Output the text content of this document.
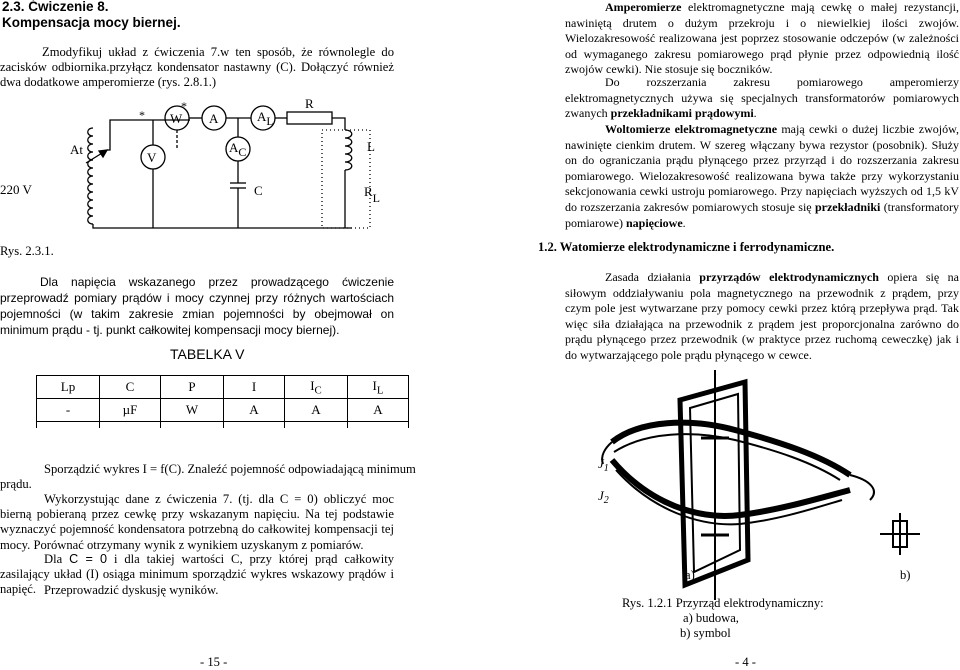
2.3. Ćwiczenie 8.
Kompensacja mocy biernej.
Zmodyfikuj układ z ćwiczenia 7.w ten sposób, że równolegle do zacisków odbiornika.przyłącz kondensator nastawny (C). Dołączyć również dwa dodatkowe amperomierze (rys. 2.8.1.)
At
220 V
*
*
W A	AL
V
AC
C
R
L
RL
Rys. 2.3.1.
Dla napięcia wskazanego przez prowadzącego ćwiczenie przeprowadź pomiary prądów i mocy czynnej przy różnych wartościach pojemności (w takim zakresie zmian pojemności by obejmował on minimum prądu - tj. punkt całkowitej kompensacji mocy biernej).
TABELKA V
Lp	C	P	I	$I_C$	$I_L$
-	µF	W	A	A	A

Sporządzić wykres I = f(C). Znaleźć pojemność odpowiadającą minimum
prądu.
Wykorzystując dane z ćwiczenia 7. (tj. dla C = 0) obliczyć moc bierną pobieraną przez cewkę przy wskazanym napięciu. Na tej podstawie wyznaczyć pojemność kondensatora potrzebną do całkowitej kompensacji tej mocy. Porównać otrzymany wynik z wynikiem uzyskanym z pomiarów.
Dla C = 0 i dla takiej wartości C, przy której prąd całkowity zasilający układ (I) osiąga minimum sporządzić wykres wskazowy prądów i napięć. Przeprowadzić dyskusję wyników.
- 15 -
Amperomierze elektromagnetyczne mają cewkę o małej rezystancji, nawiniętą drutem o dużym przekroju i o niewielkiej ilości zwojów. Wielozakresowość realizowana jest poprzez stosowanie odczepów (w zależności od wymaganego zakresu pomiarowego prąd płynie przez odpowiednią ilość zwojów cewki). Nie stosuje się boczników.
Do rozszerzania zakresu pomiarowego amperomierzy elektromagnetycznych używa się specjalnych transformatorów pomiarowych zwanych przekładnikami prądowymi.
Woltomierze elektromagnetyczne mają cewki o dużej liczbie zwojów, nawinięte cienkim drutem. W szereg włączany bywa rezystor (posobnik). Służy on do ograniczania prądu płynącego przez przyrząd i do rozszerzania zakresu pomiarowego. Wielozakresowość realizowana bywa także przy wykorzystaniu sekcjonowania cewki ustroju pomiarowego. Przy napięciach wyższych od 1,5 kV do rozszerzania zakresów pomiarowych stosuje się przekładniki (transformatory pomiarowe) napięciowe.
1.2. Watomierze elektrodynamiczne i ferrodynamiczne.
Zasada działania przyrządów elektrodynamicznych opiera się na siłowym oddziaływaniu pola magnetycznego na przewodnik z prądem, przy czym pole jest wytwarzane przy pomocy cewki przez którą przepływa prąd. Tak więc siła działająca na przewodnik z prądem jest proporcjonalna zarówno do prądu płynącego przez przewodnik (w praktyce przez ruchomą ceweczkę) jak i do wytwarzającego pole prądu płynącego w cewce.
$J_1$
$J_2$
a)	b)
Rys. 1.2.1 Przyrząd elektrodynamiczny:
a) budowa,
b) symbol
- 4 -
